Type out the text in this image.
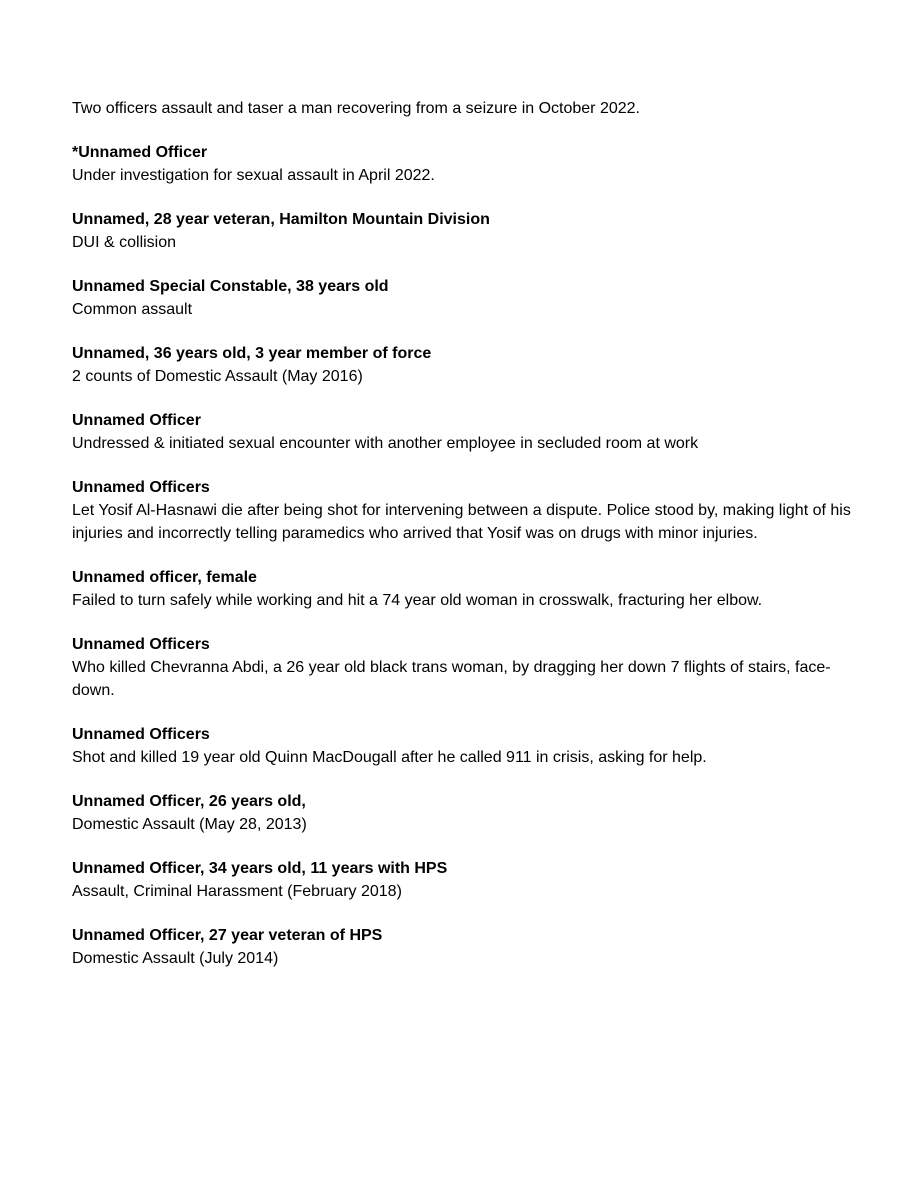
Two officers assault and taser a man recovering from a seizure in October 2022.

*Unnamed Officer
Under investigation for sexual assault in April 2022.
Unnamed, 28 year veteran, Hamilton Mountain Division
DUI & collision
Unnamed Special Constable, 38 years old
Common assault
Unnamed, 36 years old, 3 year member of force
2 counts of Domestic Assault (May 2016)
Unnamed Officer
Undressed & initiated sexual encounter with another employee in secluded room at work
Unnamed Officers
Let Yosif Al-Hasnawi die after being shot for intervening between a dispute. Police stood by, making light of his injuries and incorrectly telling paramedics who arrived that Yosif was on drugs with minor injuries.
Unnamed officer, female
Failed to turn safely while working and hit a 74 year old woman in crosswalk, fracturing her elbow.
Unnamed Officers
Who killed Chevranna Abdi, a 26 year old black trans woman, by dragging her down 7 flights of stairs, face-down.
Unnamed Officers
Shot and killed 19 year old Quinn MacDougall after he called 911 in crisis, asking for help.
Unnamed Officer, 26 years old,
Domestic Assault (May 28, 2013)
Unnamed Officer, 34 years old, 11 years with HPS
Assault, Criminal Harassment (February 2018)
Unnamed Officer, 27 year veteran of HPS
Domestic Assault (July 2014)
